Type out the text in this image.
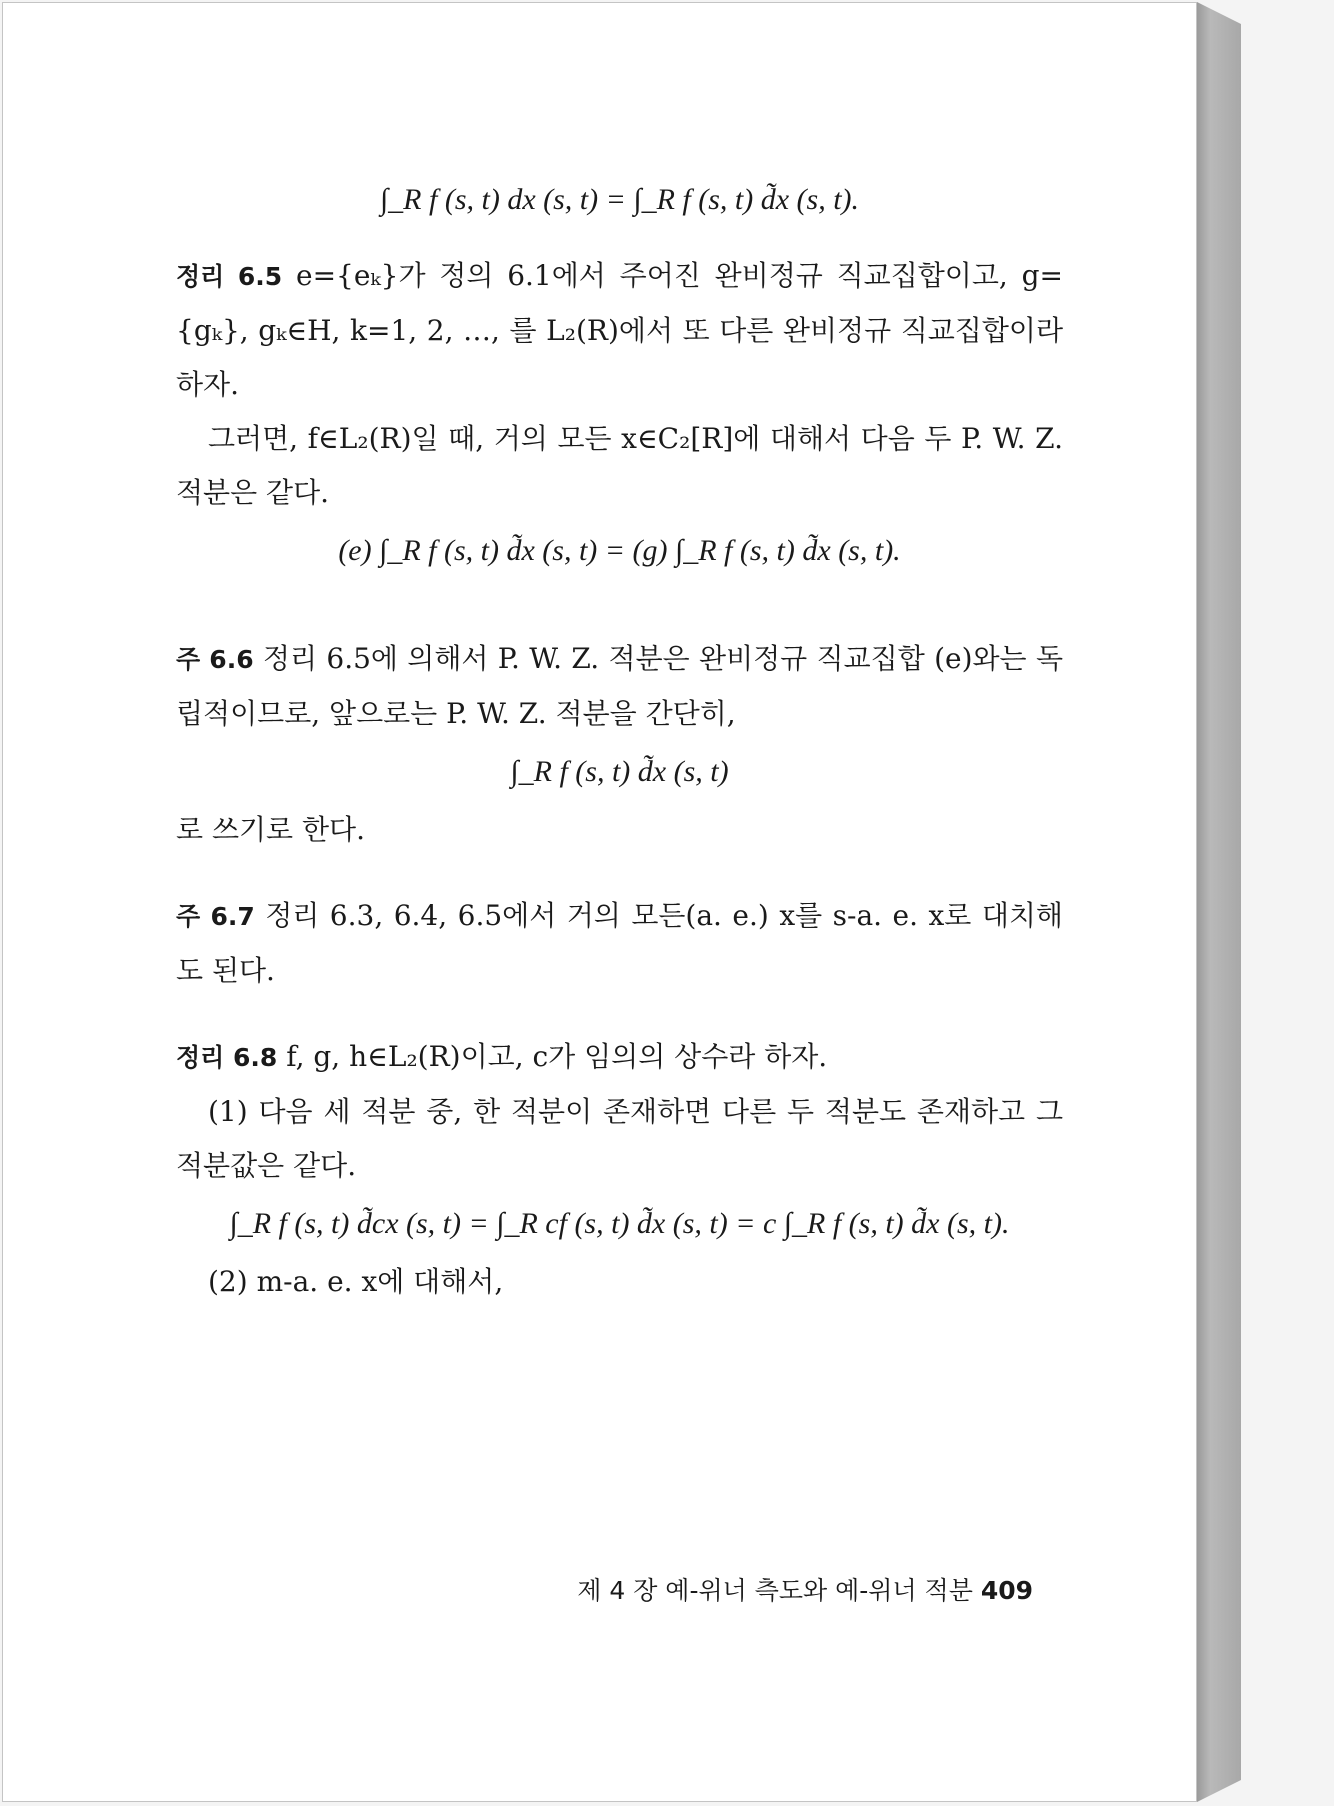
∫_R f (s, t) dx (s, t) = ∫_R f (s, t) d̃x (s, t).
정리 6.5 e={eₖ}가 정의 6.1에서 주어진 완비정규 직교집합이고, g={gₖ}, gₖ∈H, k=1, 2, …, 를 L₂(R)에서 또 다른 완비정규 직교집합이라 하자.
그러면, f∈L₂(R)일 때, 거의 모든 x∈C₂[R]에 대해서 다음 두 P. W. Z. 적분은 같다.
(e) ∫_R f (s, t) d̃x (s, t) = (g) ∫_R f (s, t) d̃x (s, t).
주 6.6 정리 6.5에 의해서 P. W. Z. 적분은 완비정규 직교집합 (e)와는 독립적이므로, 앞으로는 P. W. Z. 적분을 간단히,
∫_R f (s, t) d̃x (s, t)
로 쓰기로 한다.
주 6.7 정리 6.3, 6.4, 6.5에서 거의 모든(a. e.) x를 s-a. e. x로 대치해도 된다.
정리 6.8 f, g, h∈L₂(R)이고, c가 임의의 상수라 하자.
(1) 다음 세 적분 중, 한 적분이 존재하면 다른 두 적분도 존재하고 그 적분값은 같다.
∫_R f (s, t) d̃cx (s, t) = ∫_R cf (s, t) d̃x (s, t) = c ∫_R f (s, t) d̃x (s, t).
(2) m-a. e. x에 대해서,
제 4 장 예-위너 측도와 예-위너 적분 409
